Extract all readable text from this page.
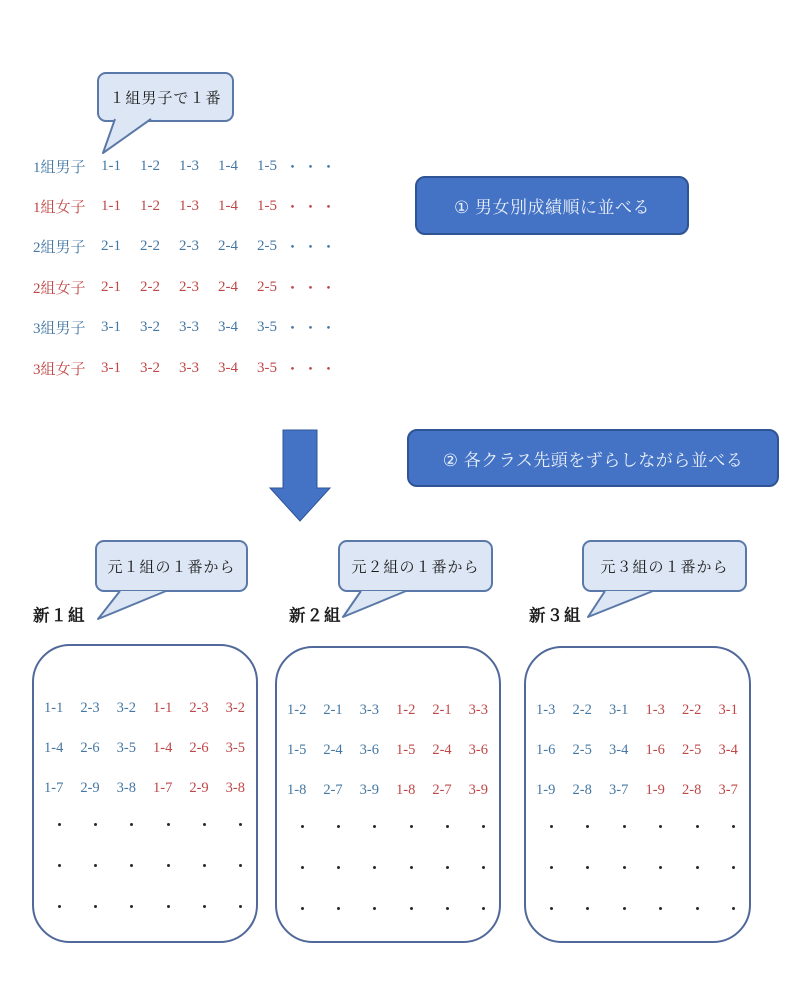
１組男子で１番
1組男子 1-1	1-2	1-3	1-4	1-5 ・・・
1組女子 1-1	1-2	1-3	1-4	1-5 ・・・
2組男子 2-1	2-2	2-3	2-4	2-5 ・・・
2組女子 2-1	2-2	2-3	2-4	2-5 ・・・
3組男子 3-1	3-2	3-3	3-4	3-5 ・・・
3組女子 3-1	3-2	3-3	3-4	3-5 ・・・
① 男女別成績順に並べる
② 各クラス先頭をずらしながら並べる
元１組の１番から
新１組
1-1	2-3	3-2	1-1	2-3	3-2
1-4	2-6	3-5	1-4	2-6	3-5
1-7	2-9	3-8	1-7	2-9	3-8
元２組の１番から
新２組
1-2	2-1	3-3	1-2	2-1	3-3
1-5	2-4	3-6	1-5	2-4	3-6
1-8	2-7	3-9	1-8	2-7	3-9
元３組の１番から
新３組
1-3	2-2	3-1	1-3	2-2	3-1
1-6	2-5	3-4	1-6	2-5	3-4
1-9	2-8	3-7	1-9	2-8	3-7
